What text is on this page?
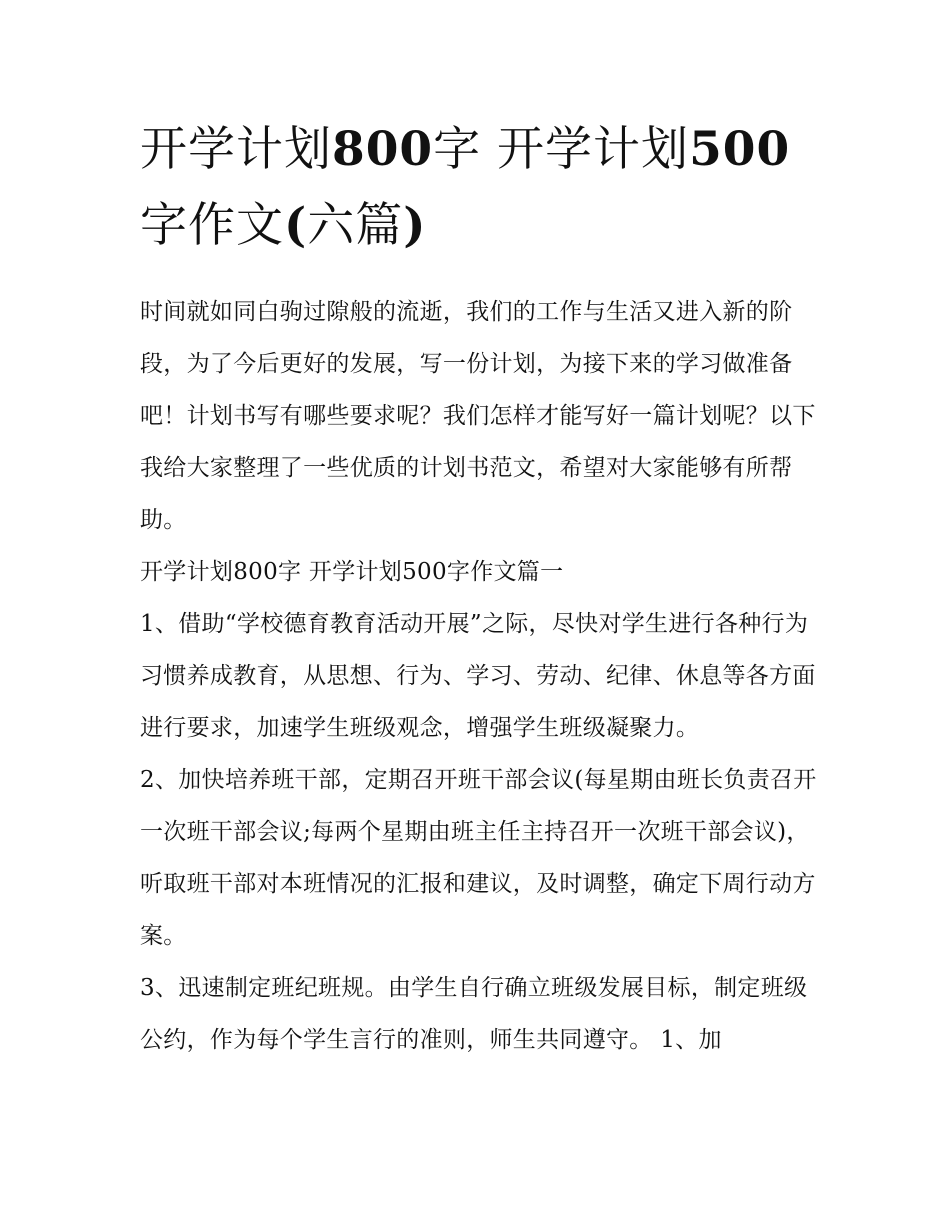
开学计划800字 开学计划500字作文(六篇)

时间就如同白驹过隙般的流逝，我们的工作与生活又进入新的阶段，为了今后更好的发展，写一份计划，为接下来的学习做准备吧！计划书写有哪些要求呢？我们怎样才能写好一篇计划呢？以下我给大家整理了一些优质的计划书范文，希望对大家能够有所帮助。

开学计划800字 开学计划500字作文篇一

1、借助“学校德育教育活动开展”之际，尽快对学生进行各种行为习惯养成教育，从思想、行为、学习、劳动、纪律、休息等各方面进行要求，加速学生班级观念，增强学生班级凝聚力。

2、加快培养班干部，定期召开班干部会议(每星期由班长负责召开一次班干部会议;每两个星期由班主任主持召开一次班干部会议)，听取班干部对本班情况的汇报和建议，及时调整，确定下周行动方案。

3、迅速制定班纪班规。由学生自行确立班级发展目标，制定班级公约，作为每个学生言行的准则，师生共同遵守。 1、加
